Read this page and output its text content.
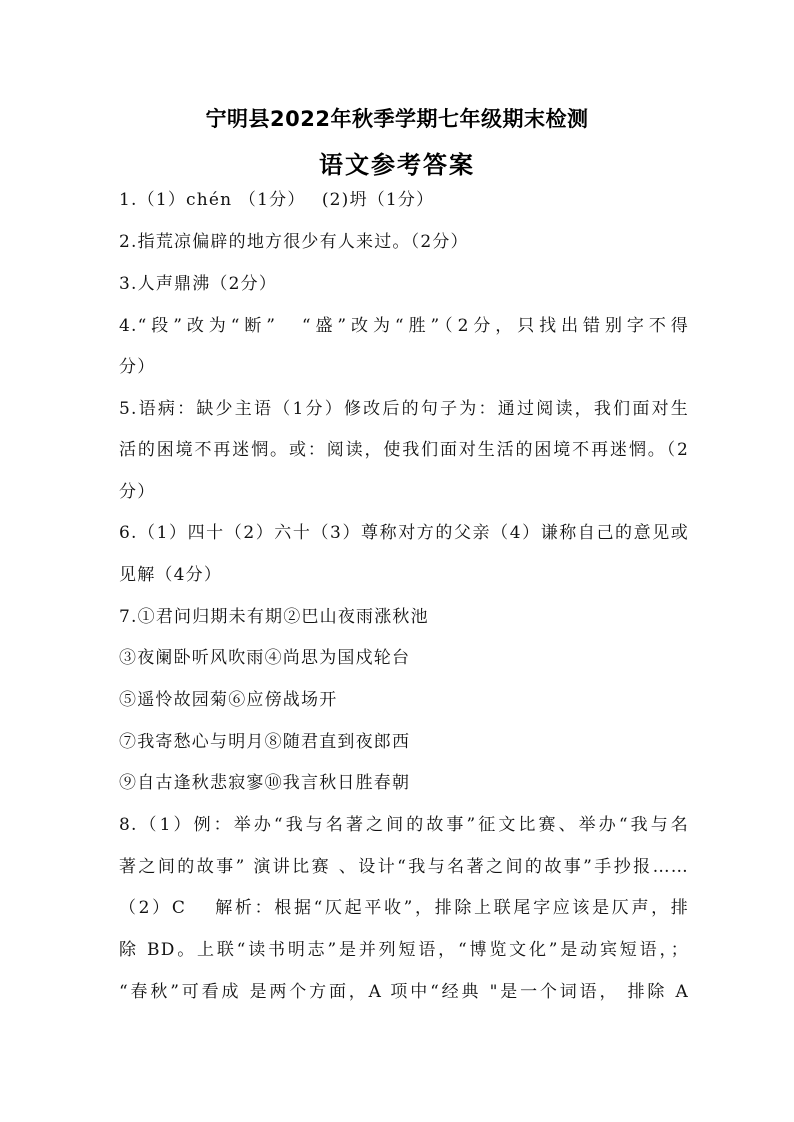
宁明县2022年秋季学期七年级期末检测
语文参考答案
1.（1）chén （1分）　 (2)坍（1分）
2.指荒凉偏辟的地方很少有人来过。（2分）
3.人声鼎沸（2分）
4.“段”改为“断”　“盛”改为“胜”（2分，只找出错别字不得
分）
5.语病：缺少主语（1分）修改后的句子为：通过阅读，我们面对生
活的困境不再迷惘。或：阅读，使我们面对生活的困境不再迷惘。（2
分）
6.（1）四十（2）六十（3）尊称对方的父亲（4）谦称自己的意见或
见解（4分）
7.①君问归期未有期②巴山夜雨涨秋池
③夜阑卧听风吹雨④尚思为国戍轮台
⑤遥怜故园菊⑥应傍战场开
⑦我寄愁心与明月⑧随君直到夜郎西
⑨自古逢秋悲寂寥⑩我言秋日胜春朝
8.（1）例：举办“我与名著之间的故事”征文比赛、举办“我与名
著之间的故事” 演讲比赛 、设计“我与名著之间的故事”手抄报……
（2）C　 解析：根据“仄起平收”，排除上联尾字应该是仄声，排
除 BD。上联“读书明志”是并列短语，“博览文化”是动宾短语，；
“春秋”可看成 是两个方面，A 项中“经典 "是一个词语， 排除 A
